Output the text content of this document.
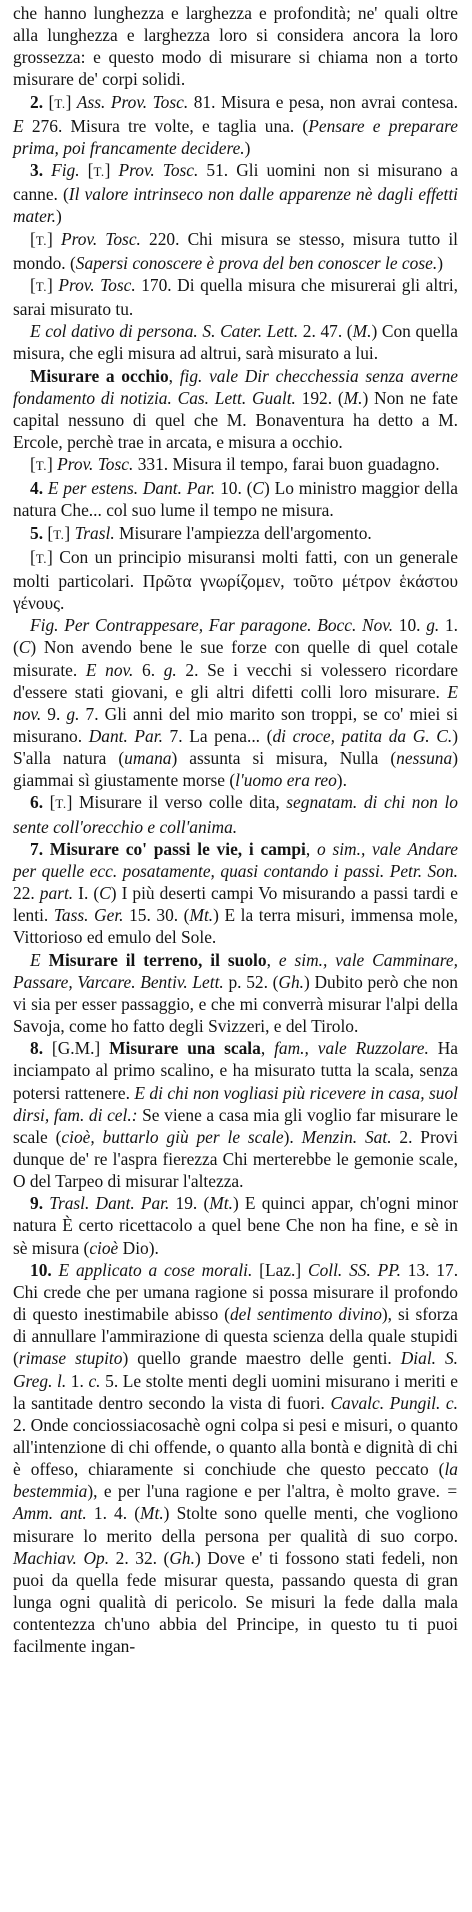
che hanno lunghezza e larghezza e profondità; ne' quali oltre alla lunghezza e larghezza loro si considera ancora la loro grossezza: e questo modo di misurare si chiama non a torto misurare de' corpi solidi.

2. [T.] Ass. Prov. Tosc. 81. Misura e pesa, non avrai contesa. E 276. Misura tre volte, e taglia una. (Pensare e preparare prima, poi francamente decidere.)

3. Fig. [T.] Prov. Tosc. 51. Gli uomini non si misurano a canne. (Il valore intrinseco non dalle apparenze nè dagli effetti mater.)

[T.] Prov. Tosc. 220. Chi misura se stesso, misura tutto il mondo. (Sapersi conoscere è prova del ben conoscer le cose.)

[T.] Prov. Tosc. 170. Di quella misura che misurerai gli altri, sarai misurato tu.

E col dativo di persona. S. Cater. Lett. 2. 47. (M.) Con quella misura, che egli misura ad altrui, sarà misurato a lui.

Misurare a occhio, fig. vale Dir checchessia senza averne fondamento di notizia. Cas. Lett. Gualt. 192. (M.) Non ne fate capital nessuno di quel che M. Bonaventura ha detto a M. Ercole, perchè trae in arcata, e misura a occhio.

[T.] Prov. Tosc. 331. Misura il tempo, farai buon guadagno.

4. E per estens. Dant. Par. 10. (C) Lo ministro maggior della natura Che... col suo lume il tempo ne misura.

5. [T.] Trasl. Misurare l'ampiezza dell'argomento.

[T.] Con un principio misuransi molti fatti, con un generale molti particolari. Πρῶτα γνωρίζομεν, τοῦτο μέτρον ἑκάστου γένους.

Fig. Per Contrappesare, Far paragone. Bocc. Nov. 10. g. 1. (C) Non avendo bene le sue forze con quelle di quel cotale misurate. E nov. 6. g. 2. Se i vecchi si volessero ricordare d'essere stati giovani, e gli altri difetti colli loro misurare. E nov. 9. g. 7. Gli anni del mio marito son troppi, se co' miei si misurano. Dant. Par. 7. La pena... (di croce, patita da G. C.) S'alla natura (umana) assunta si misura, Nulla (nessuna) giammai sì giustamente morse (l'uomo era reo).

6. [T.] Misurare il verso colle dita, segnatam. di chi non lo sente coll'orecchio e coll'anima.

7. Misurare co' passi le vie, i campi, o sim., vale Andare per quelle ecc. posatamente, quasi contando i passi. Petr. Son. 22. part. I. (C) I più deserti campi Vo misurando a passi tardi e lenti. Tass. Ger. 15. 30. (Mt.) E la terra misuri, immensa mole, Vittorioso ed emulo del Sole.

E Misurare il terreno, il suolo, e sim., vale Camminare, Passare, Varcare. Bentiv. Lett. p. 52. (Gh.) Dubito però che non vi sia per esser passaggio, e che mi converrà misurar l'alpi della Savoja, come ho fatto degli Svizzeri, e del Tirolo.

8. [G.M.] Misurare una scala, fam., vale Ruzzolare. Ha inciampato al primo scalino, e ha misurato tutta la scala, senza potersi rattenere. E di chi non vogliasi più ricevere in casa, suol dirsi, fam. di cel.: Se viene a casa mia gli voglio far misurare le scale (cioè, buttarlo giù per le scale). Menzin. Sat. 2. Provi dunque de' re l'aspra fierezza Chi merterebbe le gemonie scale, O del Tarpeo di misurar l'altezza.

9. Trasl. Dant. Par. 19. (Mt.) E quinci appar, ch'ogni minor natura È certo ricettacolo a quel bene Che non ha fine, e sè in sè misura (cioè Dio).

10. E applicato a cose morali. [Laz.] Coll. SS. PP. 13. 17. Chi crede che per umana ragione si possa misurare il profondo di questo inestimabile abisso (del sentimento divino), si sforza di annullare l'ammirazione di questa scienza della quale stupidi (rimase stupito) quello grande maestro delle genti. Dial. S. Greg. l. 1. c. 5. Le stolte menti degli uomini misurano i meriti e la santitade dentro secondo la vista di fuori. Cavalc. Pungil. c. 2. Onde conciossiacosachè ogni colpa si pesi e misuri, o quanto all'intenzione di chi offende, o quanto alla bontà e dignità di chi è offeso, chiaramente si conchiude che questo peccato (la bestemmia), e per l'una ragione e per l'altra, è molto grave. = Amm. ant. 1. 4. (Mt.) Stolte sono quelle menti, che vogliono misurare lo merito della persona per qualità di suo corpo. Machiav. Op. 2. 32. (Gh.) Dove e' ti fossono stati fedeli, non puoi da quella fede misurar questa, passando questa di gran lunga ogni qualità di pericolo. Se misuri la fede dalla mala contentezza ch'uno abbia del Principe, in questo tu ti puoi facilmente ingan-
